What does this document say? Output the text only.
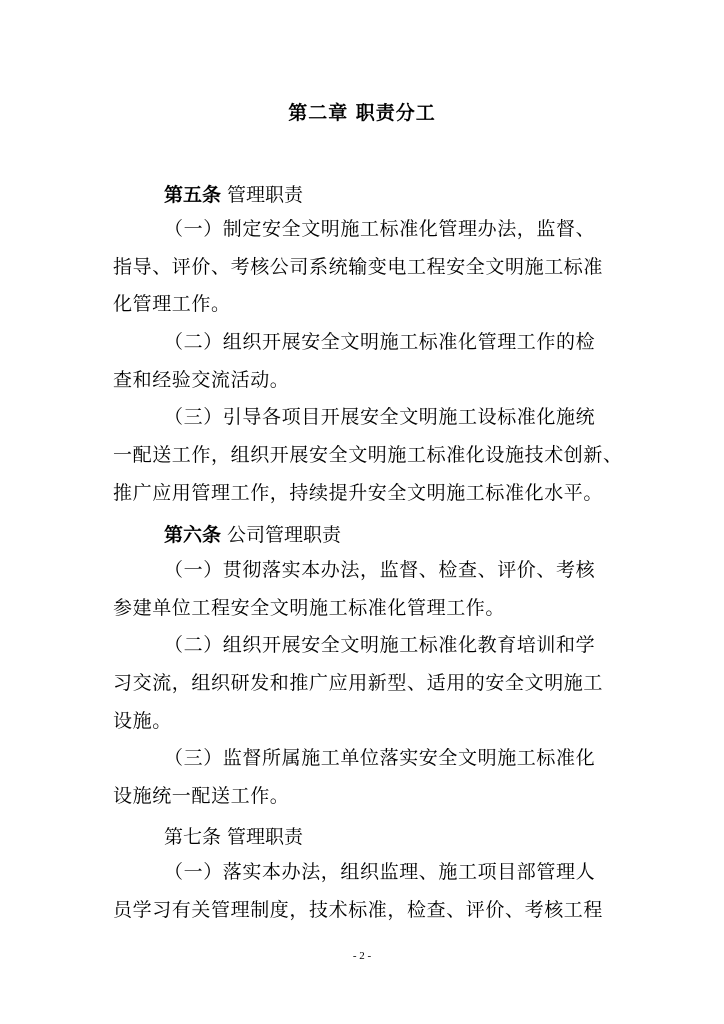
第二章 职责分工
第五条 管理职责
（一）制定安全文明施工标准化管理办法，监督、
指导、评价、考核公司系统输变电工程安全文明施工标准
化管理工作。
（二）组织开展安全文明施工标准化管理工作的检
查和经验交流活动。
（三）引导各项目开展安全文明施工设标准化施统
一配送工作，组织开展安全文明施工标准化设施技术创新、
推广应用管理工作，持续提升安全文明施工标准化水平。
第六条 公司管理职责
（一）贯彻落实本办法，监督、检查、评价、考核
参建单位工程安全文明施工标准化管理工作。
（二）组织开展安全文明施工标准化教育培训和学
习交流，组织研发和推广应用新型、适用的安全文明施工
设施。
（三）监督所属施工单位落实安全文明施工标准化
设施统一配送工作。
第七条 管理职责
（一）落实本办法，组织监理、施工项目部管理人
员学习有关管理制度，技术标准，检查、评价、考核工程
- 2 -
